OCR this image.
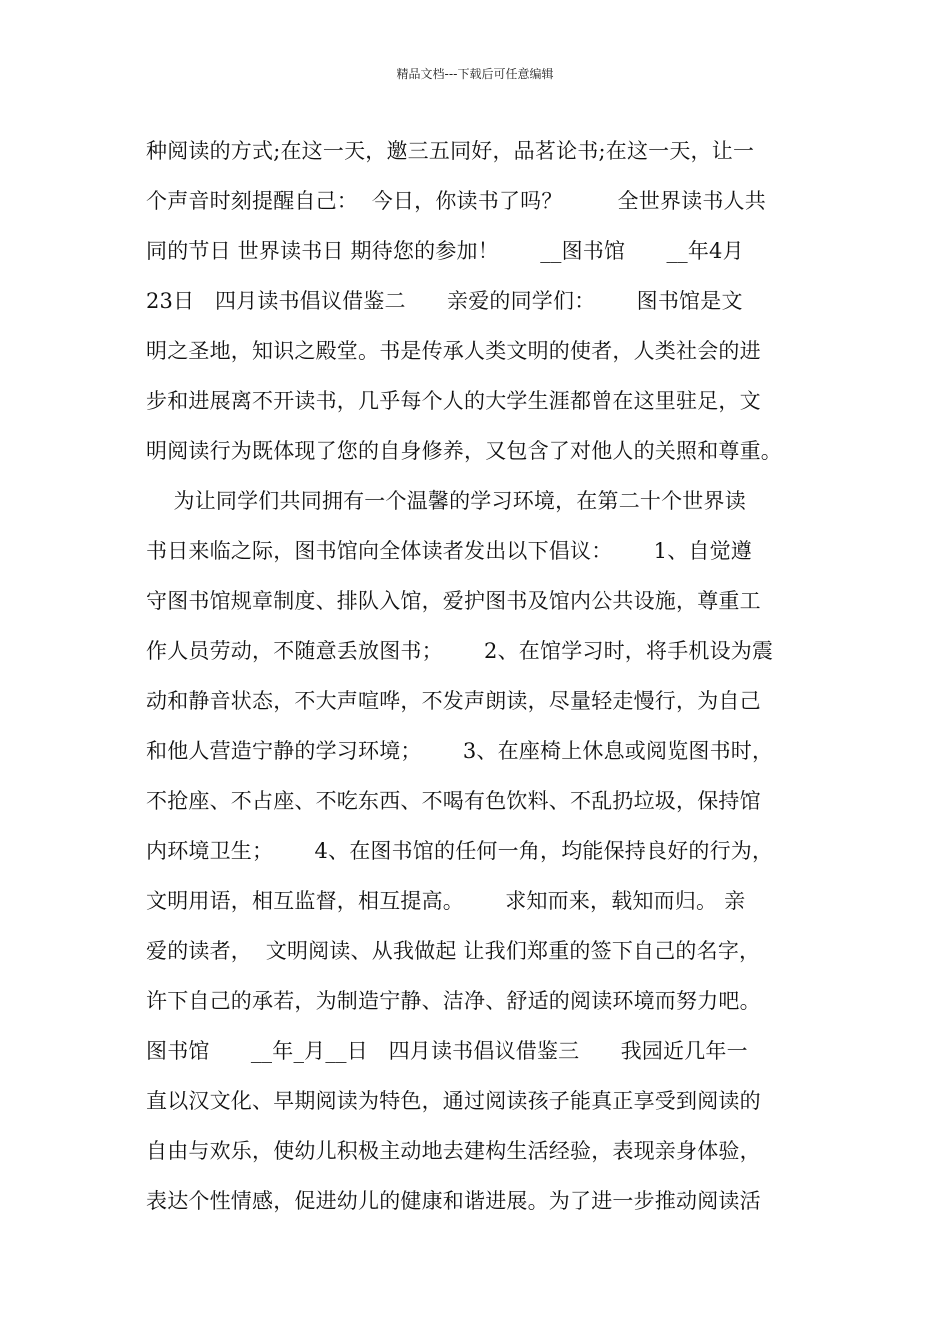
精品文档---下载后可任意编辑
种阅读的方式;在这一天，邀三五同好，品茗论书;在这一天，让一
个声音时刻提醒自己：  今日，你读书了吗？        全世界读书人共
同的节日 世界读书日 期待您的参加！      __图书馆      __年4月
23日   四月读书倡议借鉴二      亲爱的同学们：      图书馆是文
明之圣地，知识之殿堂。书是传承人类文明的使者，人类社会的进
步和进展离不开读书，几乎每个人的大学生涯都曾在这里驻足，文
明阅读行为既体现了您的自身修养，又包含了对他人的关照和尊重。
为让同学们共同拥有一个温馨的学习环境，在第二十个世界读
书日来临之际，图书馆向全体读者发出以下倡议：      1、自觉遵
守图书馆规章制度、排队入馆，爱护图书及馆内公共设施，尊重工
作人员劳动，不随意丢放图书；      2、在馆学习时，将手机设为震
动和静音状态，不大声喧哗，不发声朗读，尽量轻走慢行，为自己
和他人营造宁静的学习环境；      3、在座椅上休息或阅览图书时，
不抢座、不占座、不吃东西、不喝有色饮料、不乱扔垃圾，保持馆
内环境卫生；      4、在图书馆的任何一角，均能保持良好的行为，
文明用语，相互监督，相互提高。      求知而来，载知而归。 亲
爱的读者，  文明阅读、从我做起 让我们郑重的签下自己的名字，
许下自己的承若，为制造宁静、洁净、舒适的阅读环境而努力吧。
图书馆      __年_月__日   四月读书倡议借鉴三      我园近几年一
直以汉文化、早期阅读为特色，通过阅读孩子能真正享受到阅读的
自由与欢乐，使幼儿积极主动地去建构生活经验，表现亲身体验，
表达个性情感，促进幼儿的健康和谐进展。为了进一步推动阅读活
